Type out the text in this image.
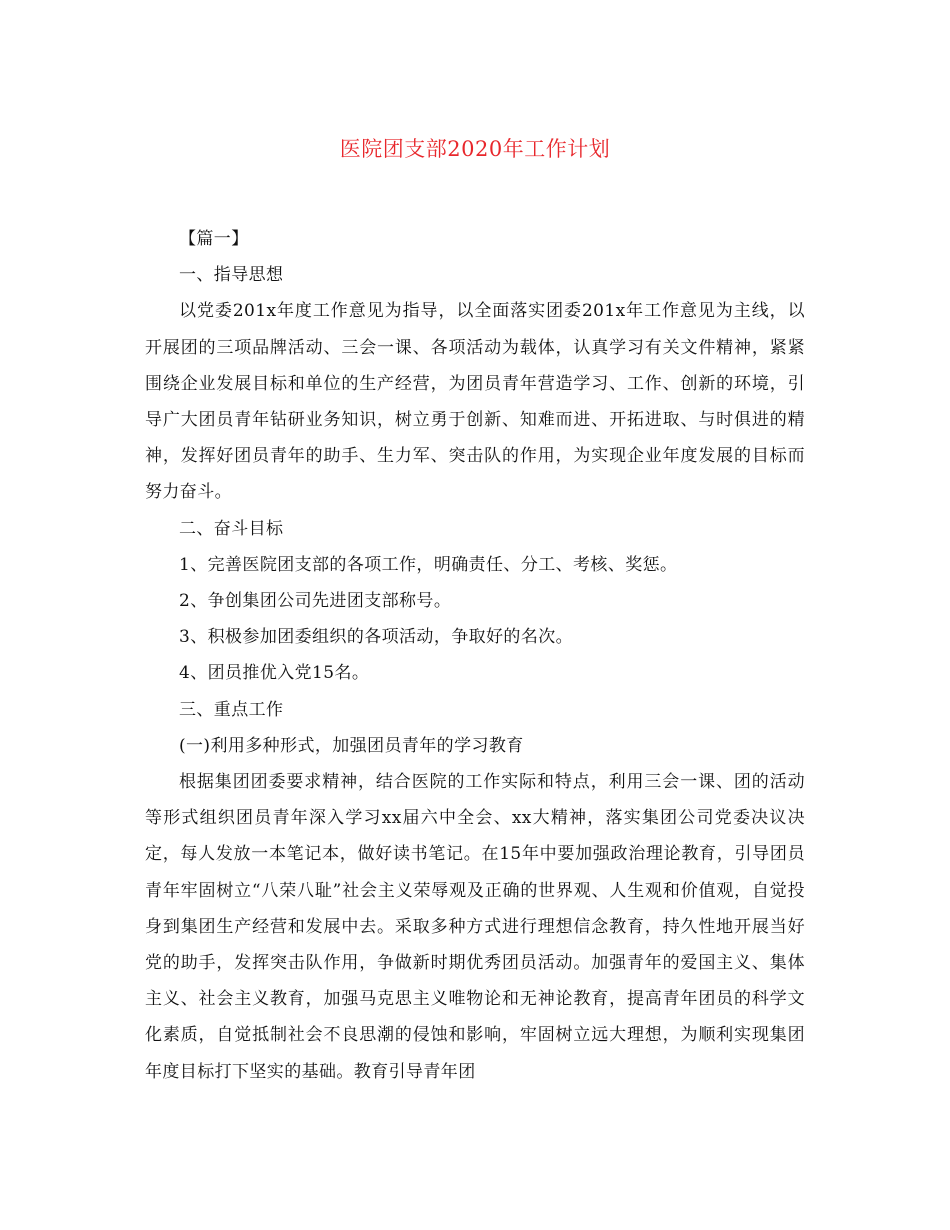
医院团支部2020年工作计划

【篇一】

一、指导思想

以党委201x年度工作意见为指导，以全面落实团委201x年工作意见为主线，以开展团的三项品牌活动、三会一课、各项活动为载体，认真学习有关文件精神，紧紧围绕企业发展目标和单位的生产经营，为团员青年营造学习、工作、创新的环境，引导广大团员青年钻研业务知识，树立勇于创新、知难而进、开拓进取、与时俱进的精神，发挥好团员青年的助手、生力军、突击队的作用，为实现企业年度发展的目标而努力奋斗。

二、奋斗目标

1、完善医院团支部的各项工作，明确责任、分工、考核、奖惩。

2、争创集团公司先进团支部称号。

3、积极参加团委组织的各项活动，争取好的名次。

4、团员推优入党15名。

三、重点工作

(一)利用多种形式，加强团员青年的学习教育

根据集团团委要求精神，结合医院的工作实际和特点，利用三会一课、团的活动等形式组织团员青年深入学习xx届六中全会、xx大精神，落实集团公司党委决议决定，每人发放一本笔记本，做好读书笔记。在15年中要加强政治理论教育，引导团员青年牢固树立“八荣八耻”社会主义荣辱观及正确的世界观、人生观和价值观，自觉投身到集团生产经营和发展中去。采取多种方式进行理想信念教育，持久性地开展当好党的助手，发挥突击队作用，争做新时期优秀团员活动。加强青年的爱国主义、集体主义、社会主义教育，加强马克思主义唯物论和无神论教育，提高青年团员的科学文化素质，自觉抵制社会不良思潮的侵蚀和影响，牢固树立远大理想，为顺利实现集团年度目标打下坚实的基础。教育引导青年团
